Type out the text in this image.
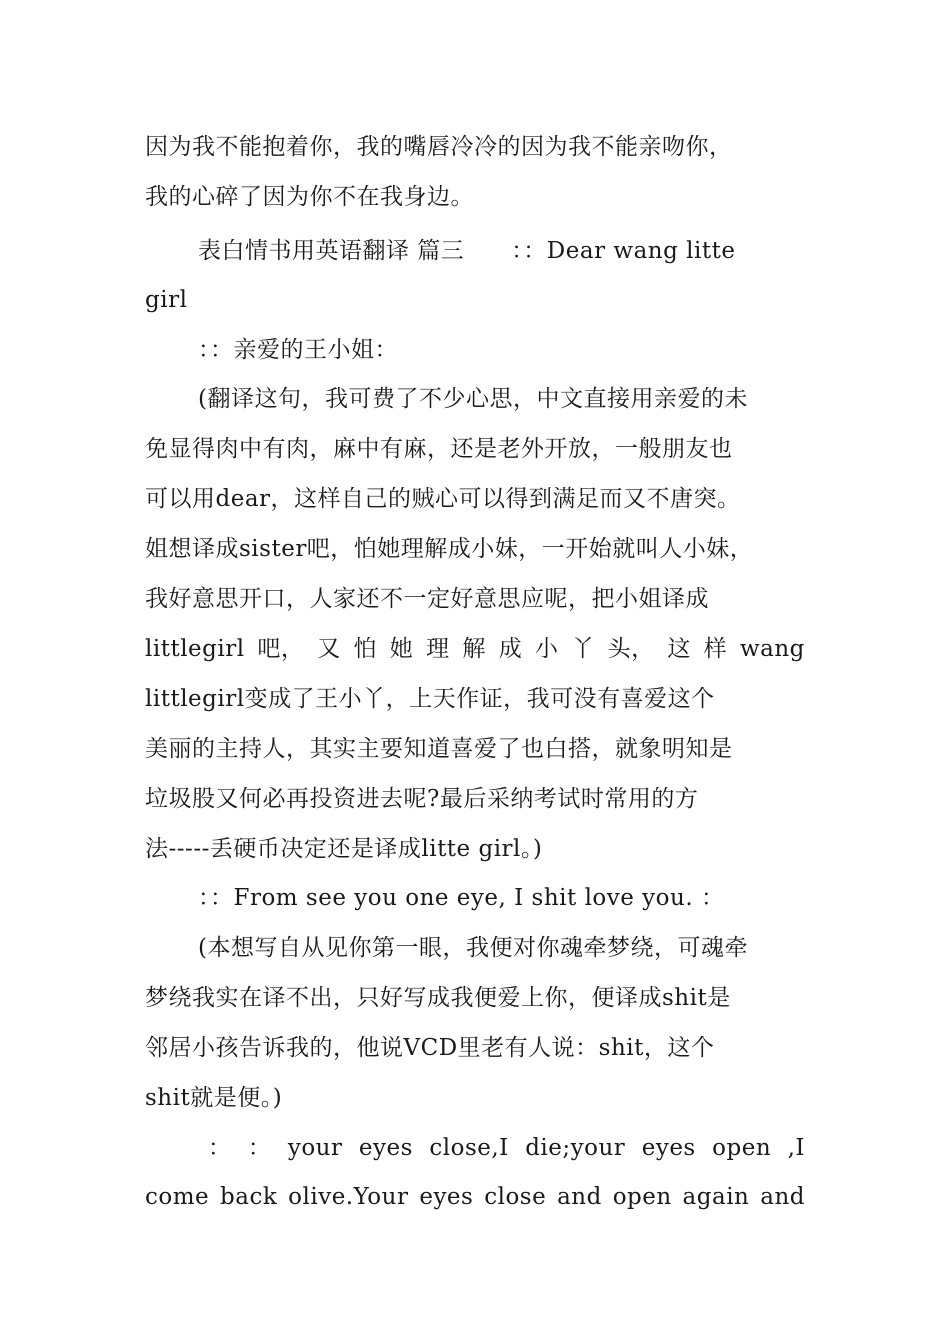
因为我不能抱着你，我的嘴唇冷冷的因为我不能亲吻你，
我的心碎了因为你不在我身边。
表白情书用英语翻译 篇三　　：：Dear wang litte
girl
：：亲爱的王小姐：
(翻译这句，我可费了不少心思，中文直接用亲爱的未
免显得肉中有肉，麻中有麻，还是老外开放，一般朋友也
可以用dear，这样自己的贼心可以得到满足而又不唐突。
姐想译成sister吧，怕她理解成小妹，一开始就叫人小妹，
我好意思开口，人家还不一定好意思应呢，把小姐译成
littlegirl 吧， 又 怕 她 理 解 成 小 丫 头， 这 样 wang
littlegirl变成了王小丫，上天作证，我可没有喜爱这个
美丽的主持人，其实主要知道喜爱了也白搭，就象明知是
垃圾股又何必再投资进去呢?最后采纳考试时常用的方
法-----丢硬币决定还是译成litte girl。)
：：From see you one eye, I shit love you. ：
(本想写自从见你第一眼，我便对你魂牵梦绕，可魂牵
梦绕我实在译不出，只好写成我便爱上你，便译成shit是
邻居小孩告诉我的，他说VCD里老有人说：shit，这个
shit就是便。)
： ： your eyes close,I die;your eyes open ,I
come back olive.Your eyes close and open again and
